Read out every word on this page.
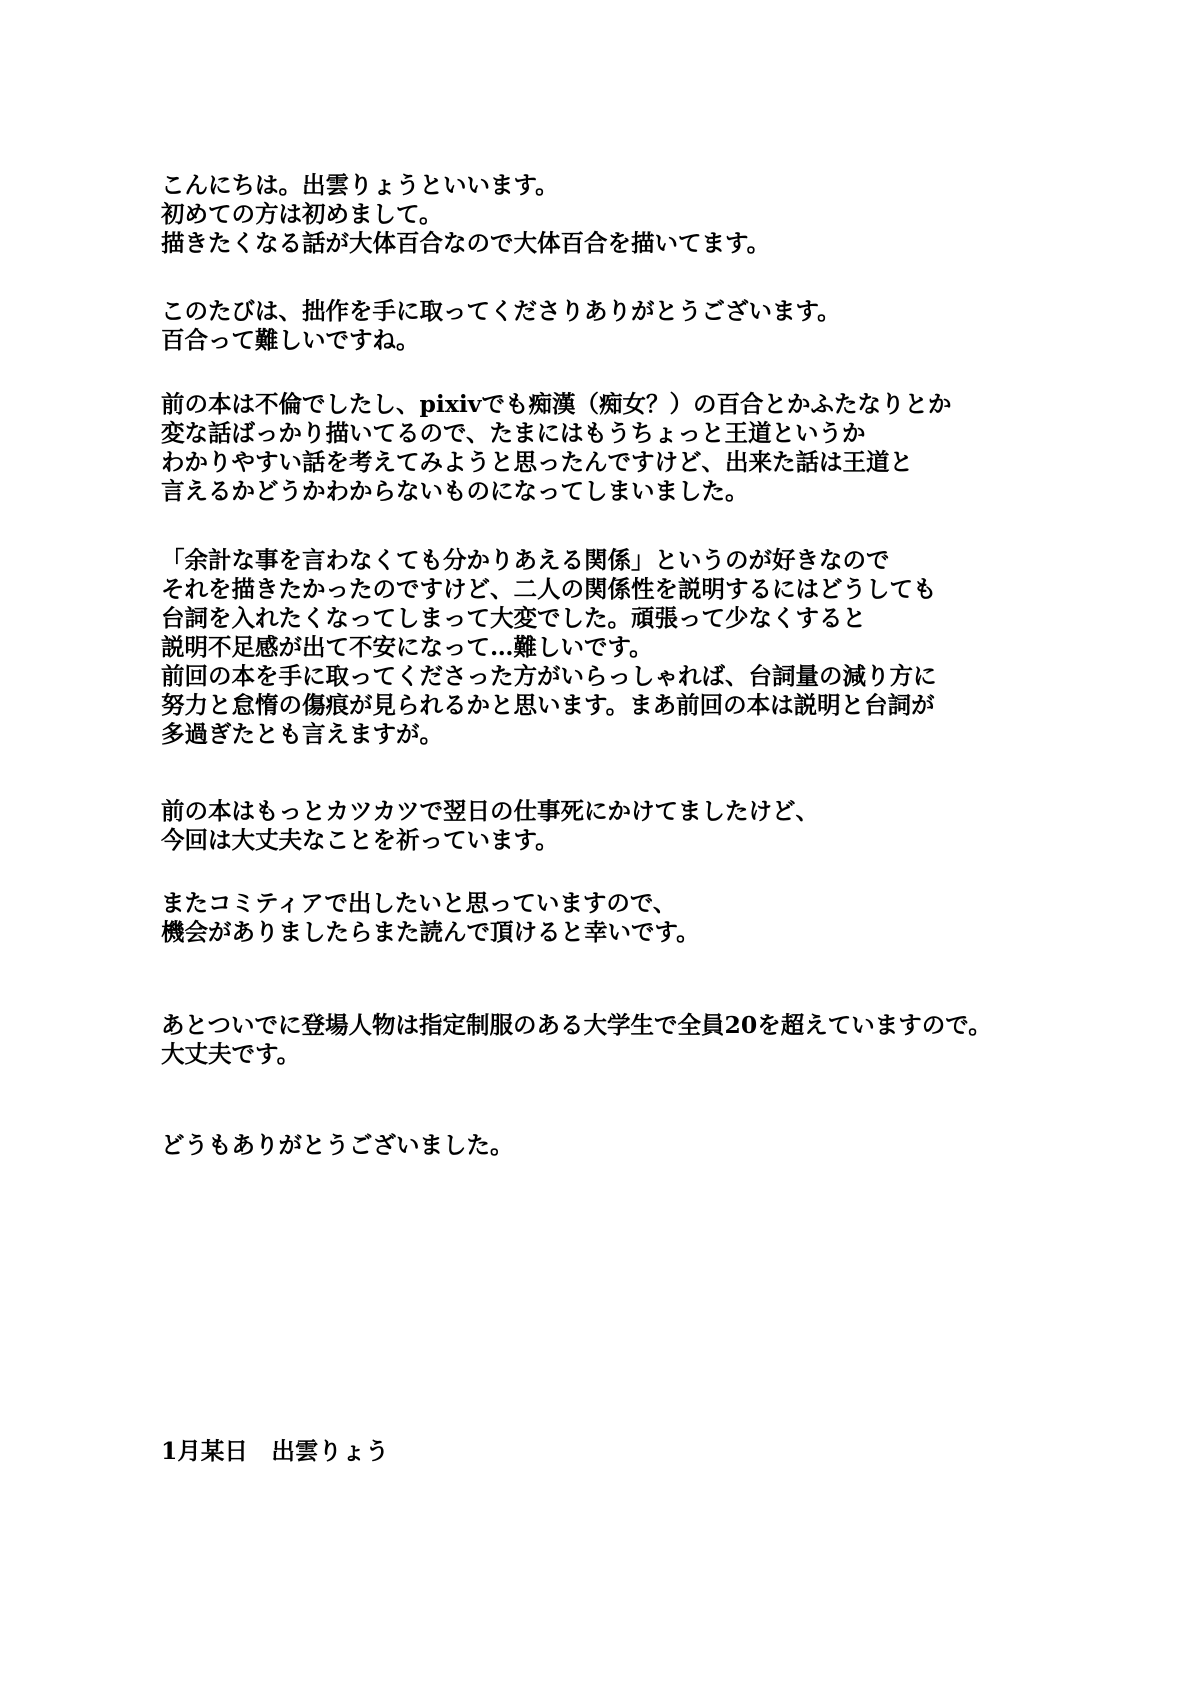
こんにちは。出雲りょうといいます。
初めての方は初めまして。
描きたくなる話が大体百合なので大体百合を描いてます。
このたびは、拙作を手に取ってくださりありがとうございます。
百合って難しいですね。
前の本は不倫でしたし、pixivでも痴漢（痴女？）の百合とかふたなりとか
変な話ばっかり描いてるので、たまにはもうちょっと王道というか
わかりやすい話を考えてみようと思ったんですけど、出来た話は王道と
言えるかどうかわからないものになってしまいました。
「余計な事を言わなくても分かりあえる関係」というのが好きなので
それを描きたかったのですけど、二人の関係性を説明するにはどうしても
台詞を入れたくなってしまって大変でした。頑張って少なくすると
説明不足感が出て不安になって…難しいです。
前回の本を手に取ってくださった方がいらっしゃれば、台詞量の減り方に
努力と怠惰の傷痕が見られるかと思います。まあ前回の本は説明と台詞が
多過ぎたとも言えますが。
前の本はもっとカツカツで翌日の仕事死にかけてましたけど、
今回は大丈夫なことを祈っています。
またコミティアで出したいと思っていますので、
機会がありましたらまた読んで頂けると幸いです。
あとついでに登場人物は指定制服のある大学生で全員20を超えていますので。
大丈夫です。
どうもありがとうございました。
1月某日　出雲りょう
